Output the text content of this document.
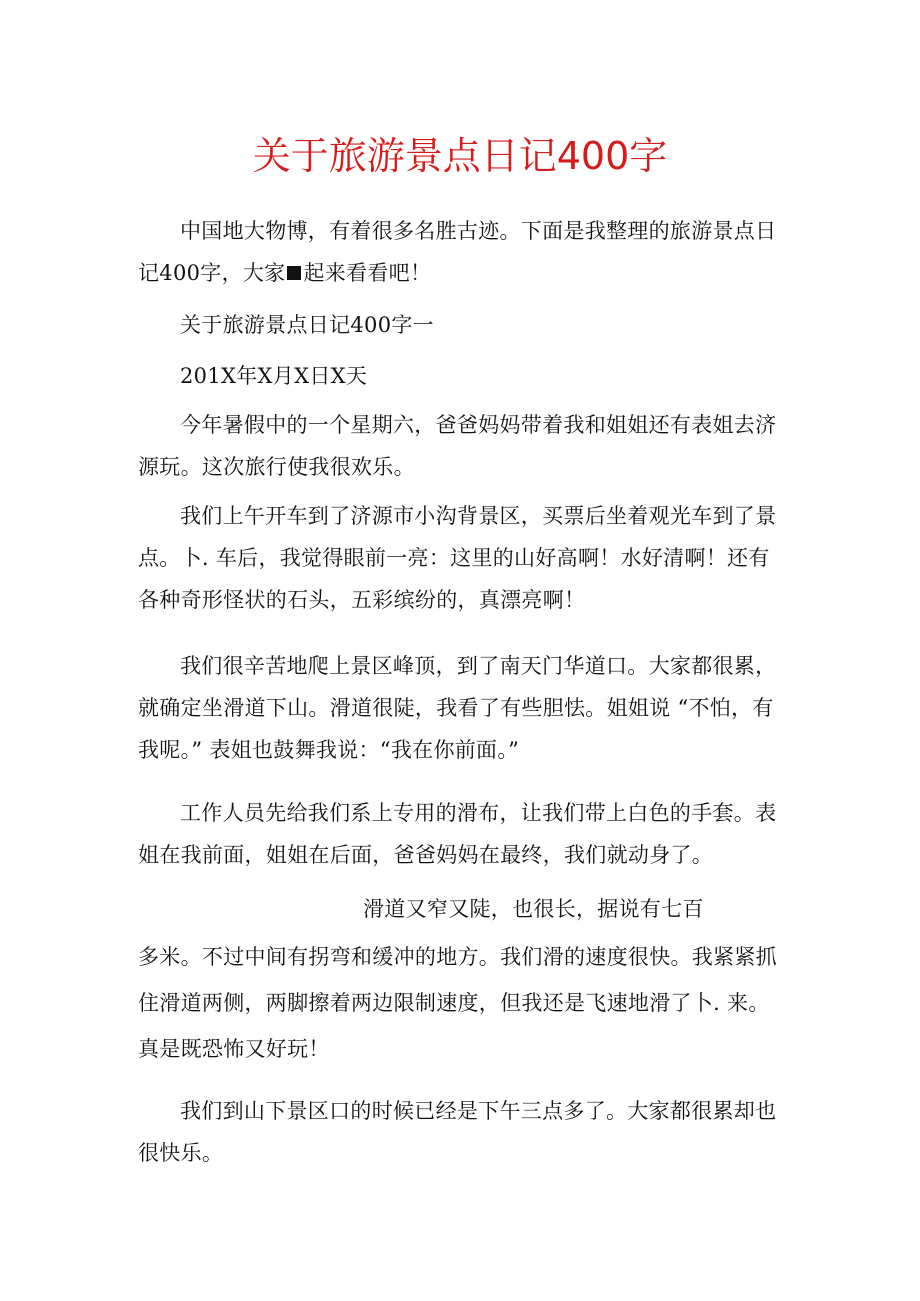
关于旅游景点日记400字
中国地大物博，有着很多名胜古迹。下面是我整理的旅游景点日记400字，大家 起来看看吧！
关于旅游景点日记400字一
201X年X月X日X天
今年暑假中的一个星期六，爸爸妈妈带着我和姐姐还有表姐去济源玩。这次旅行使我很欢乐。
我们上午开车到了济源市小沟背景区，买票后坐着观光车到了景点。卜. 车后，我觉得眼前一亮：这里的山好高啊！水好清啊！还有各种奇形怪状的石头，五彩缤纷的，真漂亮啊！
我们很辛苦地爬上景区峰顶，到了南天门华道口。大家都很累，就确定坐滑道下山。滑道很陡，我看了有些胆怯。姐姐说 “不怕，有我呢。” 表姐也鼓舞我说：“我在你前面。”
工作人员先给我们系上专用的滑布，让我们带上白色的手套。表姐在我前面，姐姐在后面，爸爸妈妈在最终，我们就动身了。
滑道又窄又陡，也很长，据说有七百
多米。不过中间有拐弯和缓冲的地方。我们滑的速度很快。我紧紧抓住滑道两侧，两脚擦着两边限制速度，但我还是飞速地滑了卜. 来。真是既恐怖又好玩！
我们到山下景区口的时候已经是下午三点多了。大家都很累却也很快乐。
